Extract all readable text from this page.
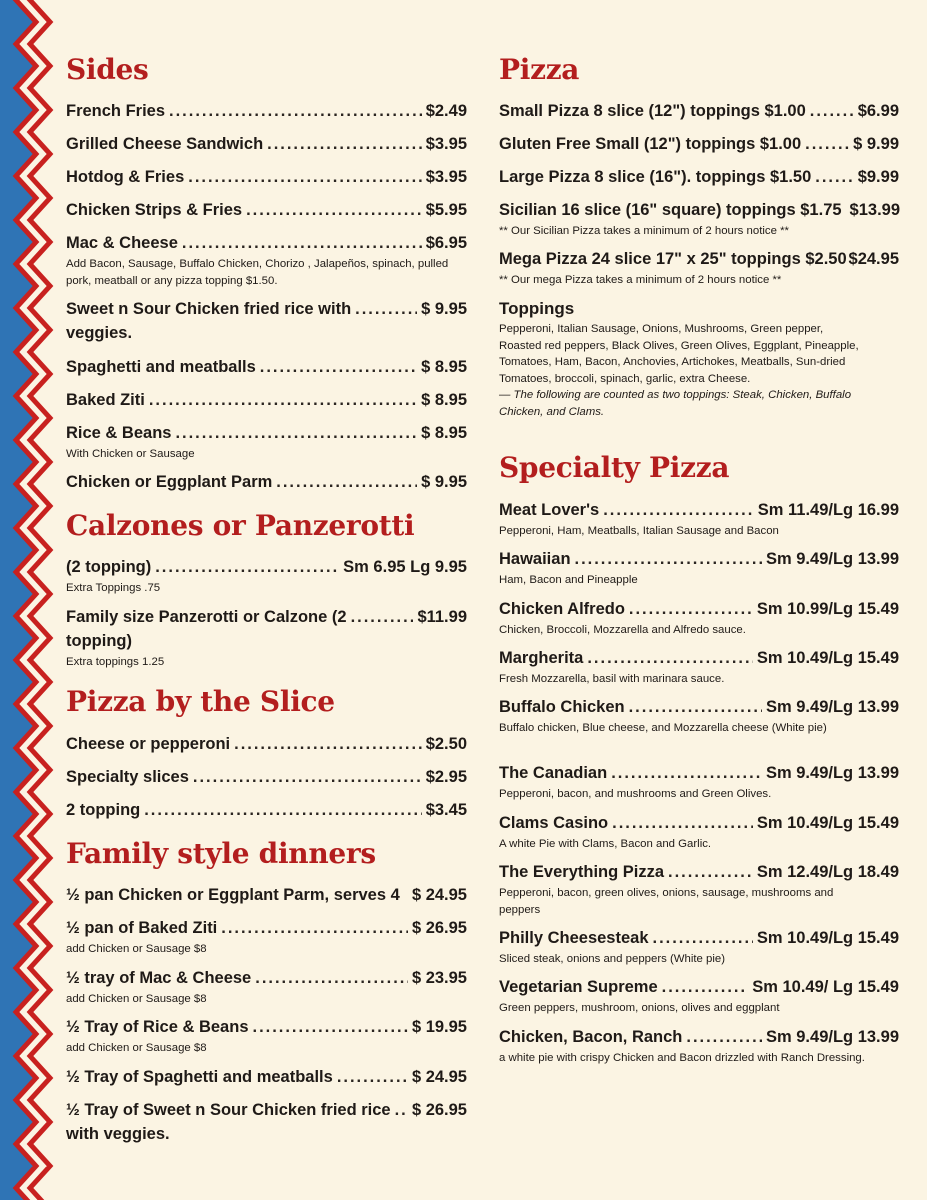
Sides
French Fries . . .	$2.49
Grilled Cheese Sandwich . . .	$3.95
Hotdog & Fries . . .	$3.95
Chicken Strips & Fries . . .	$5.95
Mac & Cheese . . .	$6.95
Add Bacon, Sausage, Buffalo Chicken, Chorizo , Jalapeños, spinach, pulled pork, meatball or any pizza topping $1.50.
Sweet n Sour Chicken fried rice with . . .	$ 9.95
veggies.
Spaghetti and meatballs . . .	$ 8.95
Baked Ziti . . .	$ 8.95
Rice & Beans . . .	$ 8.95
With Chicken or Sausage
Chicken or Eggplant Parm . . .	$ 9.95
Calzones or Panzerotti
(2 topping) . . .	Sm 6.95 Lg 9.95
Extra Toppings .75
Family size Panzerotti or Calzone (2 . . .	$11.99
topping)
Extra toppings 1.25
Pizza by the Slice
Cheese or pepperoni . . .	$2.50
Specialty slices . . .	$2.95
2 topping . . .	$3.45
Family style dinners
½ pan Chicken or Eggplant Parm, serves 4 $ 24.95
½ pan of Baked Ziti . . .	$ 26.95
add Chicken or Sausage $8
½ tray of Mac & Cheese . . .	$ 23.95
add Chicken or Sausage $8
½ Tray of Rice & Beans . . .	$ 19.95
add Chicken or Sausage $8
½ Tray of Spaghetti and meatballs . . .	$ 24.95
½ Tray of Sweet n Sour Chicken fried rice . . . $ 26.95
with veggies.
Pizza
Small Pizza 8 slice (12") toppings $1.00 . . .	$6.99
Gluten Free Small (12") toppings $1.00 . . .	$ 9.99
Large Pizza 8 slice (16"). toppings $1.50 . . .	$9.99
Sicilian 16 slice (16" square) toppings $1.75 $13.99
** Our Sicilian Pizza takes a minimum of 2 hours notice **
Mega Pizza 24 slice 17" x 25" toppings $2.50 $24.95
** Our mega Pizza takes a minimum of 2 hours notice **
Toppings
Pepperoni, Italian Sausage, Onions, Mushrooms, Green pepper, Roasted red peppers, Black Olives, Green Olives, Eggplant, Pineapple, Tomatoes, Ham, Bacon, Anchovies, Artichokes, Meatballs, Sun-dried Tomatoes, broccoli, spinach, garlic, extra Cheese.
— The following are counted as two toppings: Steak, Chicken, Buffalo Chicken, and Clams.
Specialty Pizza
Meat Lover's . . .	Sm 11.49/Lg 16.99
Pepperoni, Ham, Meatballs, Italian Sausage and Bacon
Hawaiian . . .	Sm 9.49/Lg 13.99
Ham, Bacon and Pineapple
Chicken Alfredo . . .	Sm 10.99/Lg 15.49
Chicken, Broccoli, Mozzarella and Alfredo sauce.
Margherita . . .	Sm 10.49/Lg 15.49
Fresh Mozzarella, basil with marinara sauce.
Buffalo Chicken . . .	Sm 9.49/Lg 13.99
Buffalo chicken, Blue cheese, and Mozzarella cheese (White pie)
The Canadian . . .	Sm 9.49/Lg 13.99
Pepperoni, bacon, and mushrooms and Green Olives.
Clams Casino . . .	Sm 10.49/Lg 15.49
A white Pie with Clams, Bacon and Garlic.
The Everything Pizza . . .	Sm 12.49/Lg 18.49
Pepperoni, bacon, green olives, onions, sausage, mushrooms and peppers
Philly Cheesesteak . . .	Sm 10.49/Lg 15.49
Sliced steak, onions and peppers (White pie)
Vegetarian Supreme . . .	Sm 10.49/ Lg 15.49
Green peppers, mushroom, onions, olives and eggplant
Chicken, Bacon, Ranch . . .	Sm 9.49/Lg 13.99
a white pie with crispy Chicken and Bacon drizzled with Ranch Dressing.
